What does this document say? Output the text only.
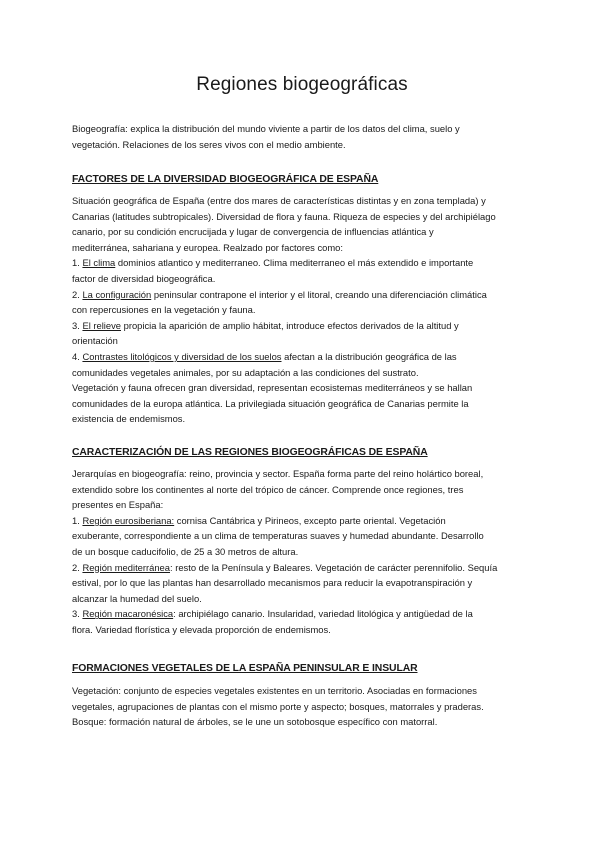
Regiones biogeográficas

Biogeografía: explica la distribución del mundo viviente a partir de los datos del clima, suelo y

vegetación. Relaciones de los seres vivos con el medio ambiente.

FACTORES DE LA DIVERSIDAD BIOGEOGRÁFICA DE ESPAÑA

Situación geográfica de España (entre dos mares de características distintas y en zona templada) y

Canarias (latitudes subtropicales). Diversidad de flora y fauna. Riqueza de especies y del archipiélago

canario, por su condición encrucijada y lugar de convergencia de influencias atlántica y

mediterránea, sahariana y europea. Realzado por factores como:

1. El clima dominios atlantico y mediterraneo. Clima mediterraneo el más extendido e importante

factor de diversidad biogeográfica.

2. La configuración peninsular contrapone el interior y el litoral, creando una diferenciación climática

con repercusiones en la vegetación y fauna.

3. El relieve propicia la aparición de amplio hábitat, introduce efectos derivados de la altitud y

orientación

4. Contrastes litológicos y diversidad de los suelos afectan a la distribución geográfica de las

comunidades vegetales animales, por su adaptación a las condiciones del sustrato.

Vegetación y fauna ofrecen gran diversidad, representan ecosistemas mediterráneos y se hallan

comunidades de la europa atlántica. La privilegiada situación geográfica de Canarias permite la

existencia de endemismos.

CARACTERIZACIÓN DE LAS REGIONES BIOGEOGRÁFICAS DE ESPAÑA

Jerarquías en biogeografía: reino, provincia y sector. España forma parte del reino holártico boreal,

extendido sobre los continentes al norte del trópico de cáncer. Comprende once regiones, tres

presentes en España:

1. Región eurosiberiana: cornisa Cantábrica y Pirineos, excepto parte oriental. Vegetación

exuberante, correspondiente a un clima de temperaturas suaves y humedad abundante. Desarrollo

de un bosque caducifolio, de 25 a 30 metros de altura.

2. Región mediterránea: resto de la Península y Baleares. Vegetación de carácter perennifolio. Sequía

estival, por lo que las plantas han desarrollado mecanismos para reducir la evapotranspiración y

alcanzar la humedad del suelo.

3. Región macaronésica: archipiélago canario. Insularidad, variedad litológica y antigüedad de la

flora. Variedad florística y elevada proporción de endemismos.

FORMACIONES VEGETALES DE LA ESPAÑA PENINSULAR E INSULAR

Vegetación: conjunto de especies vegetales existentes en un territorio. Asociadas en formaciones

vegetales, agrupaciones de plantas con el mismo porte y aspecto; bosques, matorrales y praderas.

Bosque: formación natural de árboles, se le une un sotobosque específico con matorral.
